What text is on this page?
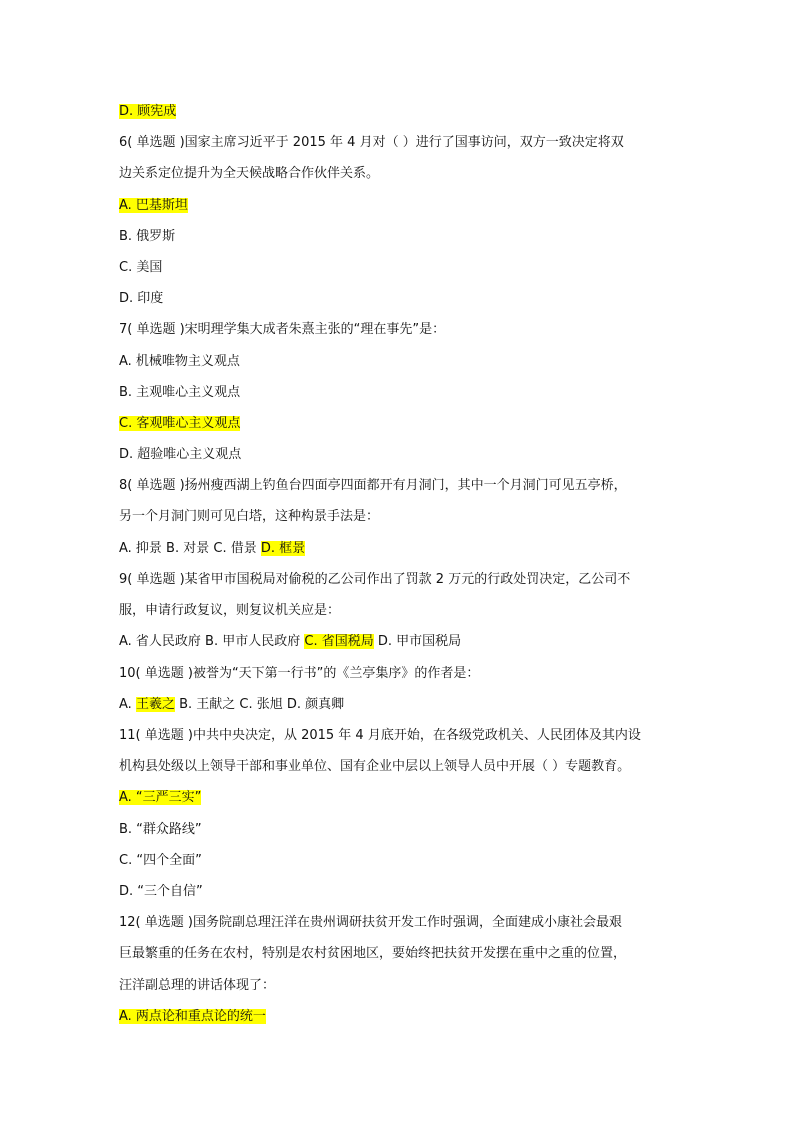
D. 顾宪成
6( 单选题 )国家主席习近平于 2015 年 4 月对（ ）进行了国事访问，双方一致决定将双
边关系定位提升为全天候战略合作伙伴关系。
A. 巴基斯坦
B. 俄罗斯
C. 美国
D. 印度
7( 单选题 )宋明理学集大成者朱熹主张的“理在事先”是：
A. 机械唯物主义观点
B. 主观唯心主义观点
C. 客观唯心主义观点
D. 超验唯心主义观点
8( 单选题 )扬州瘦西湖上钓鱼台四面亭四面都开有月洞门，其中一个月洞门可见五亭桥，
另一个月洞门则可见白塔，这种构景手法是：
A. 抑景 B. 对景 C. 借景 D. 框景
9( 单选题 )某省甲市国税局对偷税的乙公司作出了罚款 2 万元的行政处罚决定，乙公司不
服，申请行政复议，则复议机关应是：
A. 省人民政府 B. 甲市人民政府 C. 省国税局 D. 甲市国税局
10( 单选题 )被誉为“天下第一行书”的《兰亭集序》的作者是：
A. 王羲之 B. 王献之 C. 张旭 D. 颜真卿
11( 单选题 )中共中央决定，从 2015 年 4 月底开始，在各级党政机关、人民团体及其内设
机构县处级以上领导干部和事业单位、国有企业中层以上领导人员中开展（ ）专题教育。
A. “三严三实”
B. “群众路线”
C. “四个全面”
D. “三个自信”
12( 单选题 )国务院副总理汪洋在贵州调研扶贫开发工作时强调，全面建成小康社会最艰
巨最繁重的任务在农村，特别是农村贫困地区，要始终把扶贫开发摆在重中之重的位置，
汪洋副总理的讲话体现了：
A. 两点论和重点论的统一
